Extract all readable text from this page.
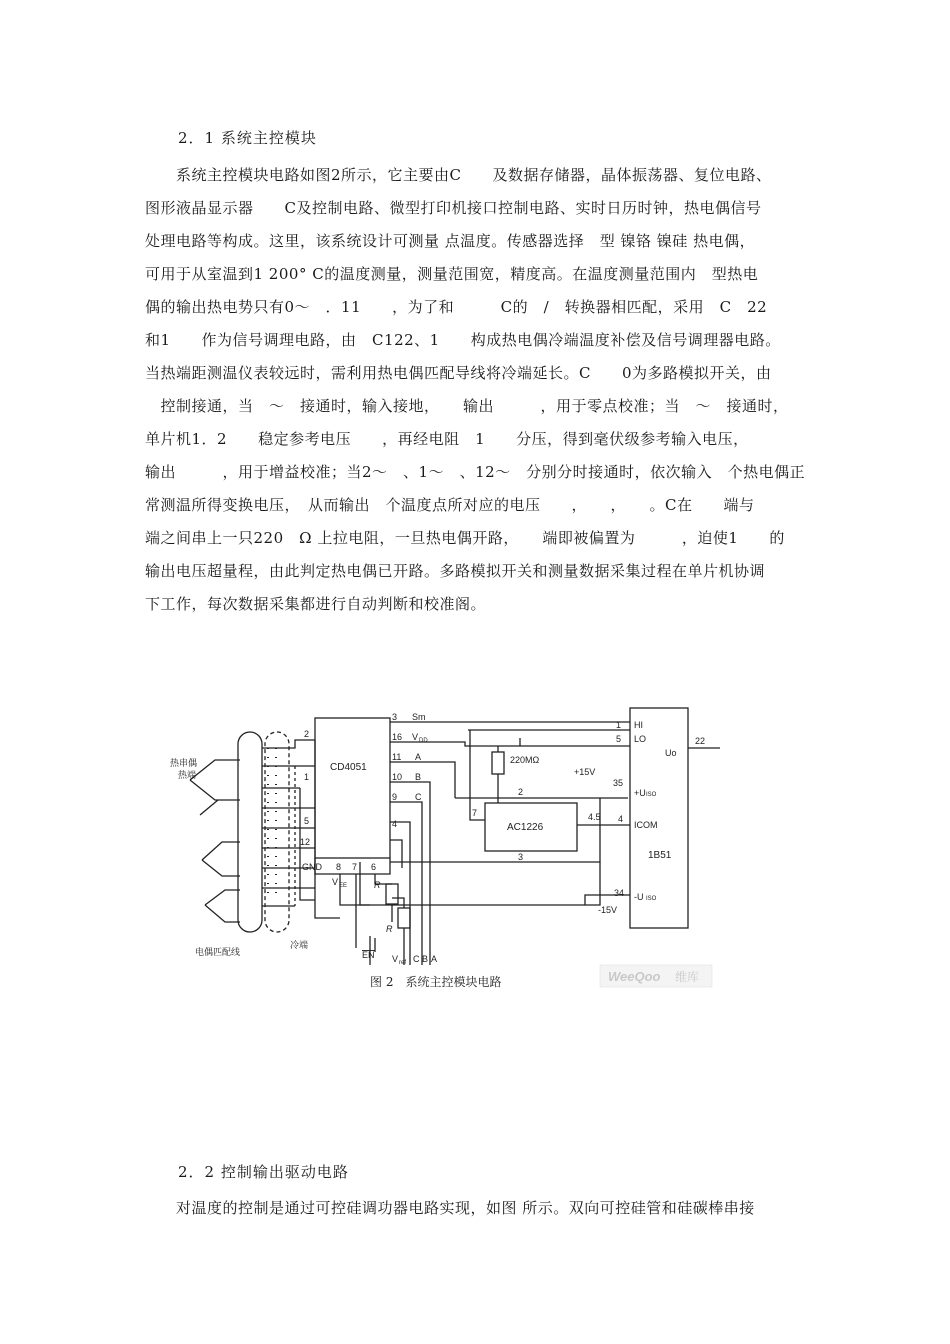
2．1 系统主控模块
　　系统主控模块电路如图2所示，它主要由C　　及数据存储器，晶体振荡器、复位电路、
图形液晶显示器　　C及控制电路、微型打印机接口控制电路、实时日历时钟，热电偶信号
处理电路等构成。这里，该系统设计可测量 点温度。传感器选择　型 镍铬 镍硅 热电偶，
可用于从室温到1 200° C的温度测量，测量范围宽，精度高。在温度测量范围内　型热电
偶的输出热电势只有0～　．11　　，为了和　　　C的　/　转换器相匹配，采用　C　22
和1　　作为信号调理电路，由　C122、1　　构成热电偶冷端温度补偿及信号调理器电路。
当热端距测温仪表较远时，需利用热电偶匹配导线将冷端延长。C　　0为多路模拟开关，由
　控制接通，当　～　接通时，输入接地，　　输出　　　，用于零点校准；当　～　接通时，
单片机1．2　　稳定参考电压　　，再经电阻　1　　分压，得到毫伏级参考输入电压，
输出　　　，用于增益校准；当2～　、1～　、12～　分别分时接通时，依次输入　个热电偶正
常测温所得变换电压，　从而输出　个温度点所对应的电压　　，　　，　　。C在　　端与
端之间串上一只220　Ω 上拉电阻，一旦热电偶开路，　　端即被偏置为　　　，迫使1　　的
输出电压超量程，由此判定热电偶已开路。多路模拟开关和测量数据采集过程在单片机协调
下工作，每次数据采集都进行自动判断和校准阁。
热串偶
热端
电偶匹配线
冷端
CD4051
AC1226
1B51
220MΩ
+15V
-15V
3 Sm
16 V DD
11 A
10 B
9 C
4
2
1
5
12
GND 8 7 6
V EE
1 HI
5 LO
Uo
22
35
+U ISO
4
ICOM
34 -U ISO
2
7	4.5
3
R
R
EN V ref C B A
图 2　系统主控模块电路	WeeQoo 维库
2．2 控制输出驱动电路
　　对温度的控制是通过可控硅调功器电路实现，如图 所示。双向可控硅管和硅碳棒串接
